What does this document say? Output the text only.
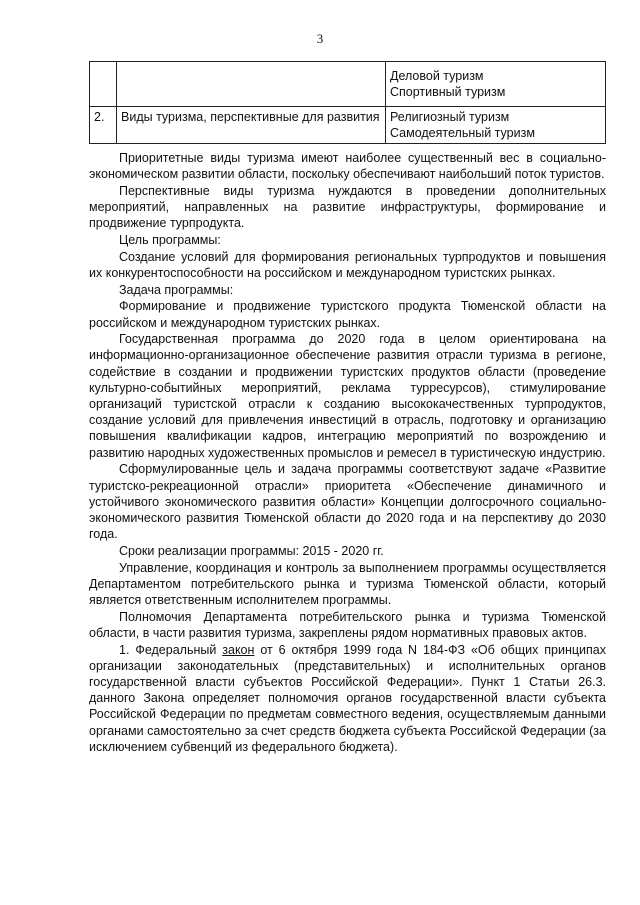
3

		Деловой туризм
Спортивный туризм

2.	Виды туризма, перспективные для развития	Религиозный туризм
Самодеятельный туризм

Приоритетные виды туризма имеют наиболее существенный вес в социально-экономическом развитии области, поскольку обеспечивают наибольший поток туристов.

Перспективные виды туризма нуждаются в проведении дополнительных мероприятий, направленных на развитие инфраструктуры, формирование и продвижение турпродукта.

Цель программы:

Создание условий для формирования региональных турпродуктов и повышения их конкурентоспособности на российском и международном туристских рынках.

Задача программы:

Формирование и продвижение туристского продукта Тюменской области на российском и международном туристских рынках.

Государственная программа до 2020 года в целом ориентирована на информационно-организационное обеспечение развития отрасли туризма в регионе, содействие в создании и продвижении туристских продуктов области (проведение культурно-событийных мероприятий, реклама турресурсов), стимулирование организаций туристской отрасли к созданию высококачественных турпродуктов, создание условий для привлечения инвестиций в отрасль, подготовку и организацию повышения квалификации кадров, интеграцию мероприятий по возрождению и развитию народных художественных промыслов и ремесел в туристическую индустрию.

Сформулированные цель и задача программы соответствуют задаче «Развитие туристско-рекреационной отрасли» приоритета «Обеспечение динамичного и устойчивого экономического развития области» Концепции долгосрочного социально-экономического развития Тюменской области до 2020 года и на перспективу до 2030 года.

Сроки реализации программы: 2015 - 2020 гг.

Управление, координация и контроль за выполнением программы осуществляется Департаментом потребительского рынка и туризма Тюменской области, который является ответственным исполнителем программы.

Полномочия Департамента потребительского рынка и туризма Тюменской области, в части развития туризма, закреплены рядом нормативных правовых актов.

1. Федеральный закон от 6 октября 1999 года N 184-ФЗ «Об общих принципах организации законодательных (представительных) и исполнительных органов государственной власти субъектов Российской Федерации». Пункт 1 Статьи 26.3. данного Закона определяет полномочия органов государственной власти субъекта Российской Федерации по предметам совместного ведения, осуществляемым данными органами самостоятельно за счет средств бюджета субъекта Российской Федерации (за исключением субвенций из федерального бюджета).
